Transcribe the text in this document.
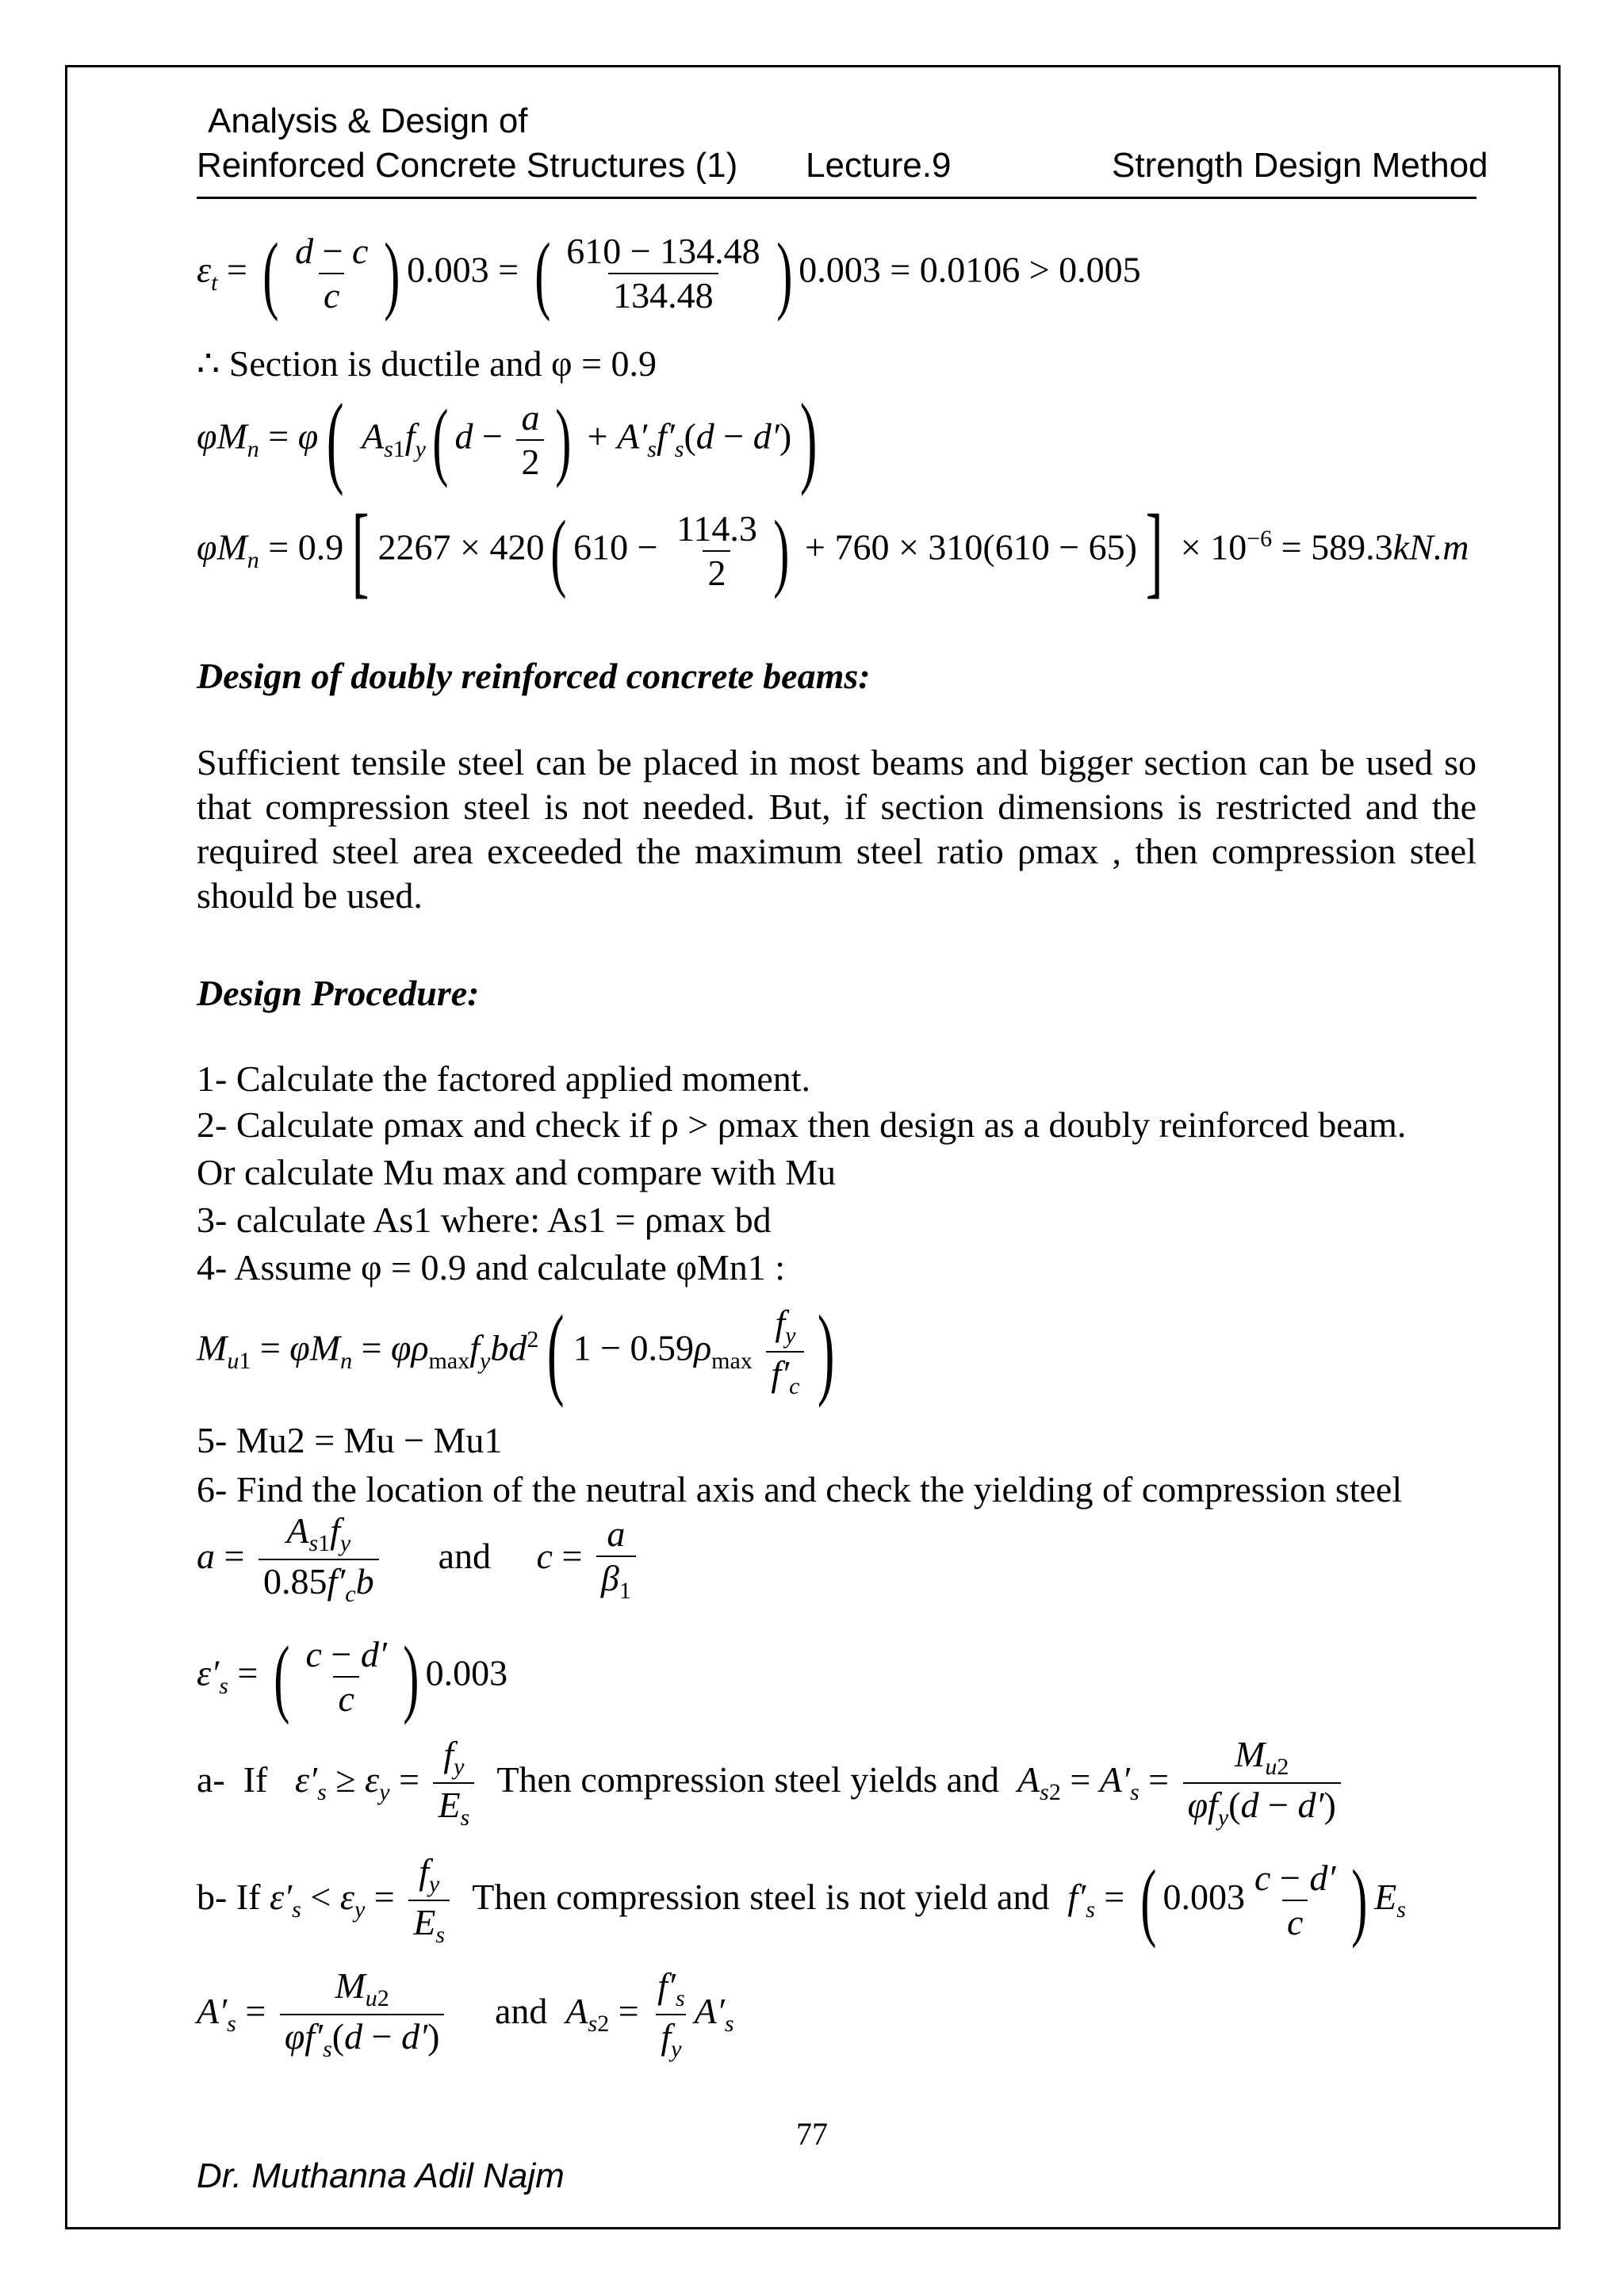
Analysis & Design of
Reinforced Concrete Structures (1) Lecture.9	Strength Design Method
$\varepsilon_t$ = ( $\frac{d - c}{c}$ ) 0.003 = ( $\frac{610 - 134.48}{134.48}$ ) 0.003 = 0.0106 > 0.005
∴ Section is ductile and φ = 0.9
$\varphi M_n = \varphi$( $A_{s1}f_y$( $d - \frac{a}{2}$ ) + $A'_sf'_s(d - d')$)
$\varphi M_n = 0.9$[ 2267 × 420( $610 - \frac{114.3}{2}$ ) + $760 \times 310(610 - 65)] \times 10^{-6} = 589.3kN.m$
Design of doubly reinforced concrete beams:
Sufficient tensile steel can be placed in most beams and bigger section can be used so that compression steel is not needed. But, if section dimensions is restricted and the required steel area exceeded the maximum steel ratio ρmax , then compression steel should be used.
Design Procedure:
1- Calculate the factored applied moment.
2- Calculate ρmax and check if ρ > ρmax then design as a doubly reinforced beam.
Or calculate Mu max and compare with Mu
3- calculate As1 where: As1 = ρmax bd
4- Assume φ = 0.9 and calculate φMn1 :
$M_{u1} = \varphi M_n = \varphi\rho_{max}f_ybd^2$( $1 - 0.59\rho_{max} \frac{f_y}{f'_c}$ )
5- Mu2 = Mu − Mu1
6- Find the location of the neutral axis and check the yielding of compression steel
$a = \frac{A_{s1}f_y}{0.85f'_cb}$ and     $c = \frac{a}{\beta_1}$
$\varepsilon'_s$ = ( $\frac{c - d'}{c}$ ) 0.003
a-  If   $\varepsilon'_s \ge \varepsilon_y = \frac{f_y}{E_s}$ Then compression steel yields and  $A_{s2} = A'_s = \frac{M_{u2}}{\varphi f_y(d - d')}$
b- If $\varepsilon'_s < \varepsilon_y = \frac{f_y}{E_s}$ Then compression steel is not yield and  $f'_s$ = ( $0.003 \frac{c - d'}{c}$ ) $E_s$
$A'_s = \frac{M_{u2}}{\varphi f'_s(d - d')}$ and  $A_{s2} = \frac{f'_s}{f_y} A'_s$
77
Dr. Muthanna Adil Najm
